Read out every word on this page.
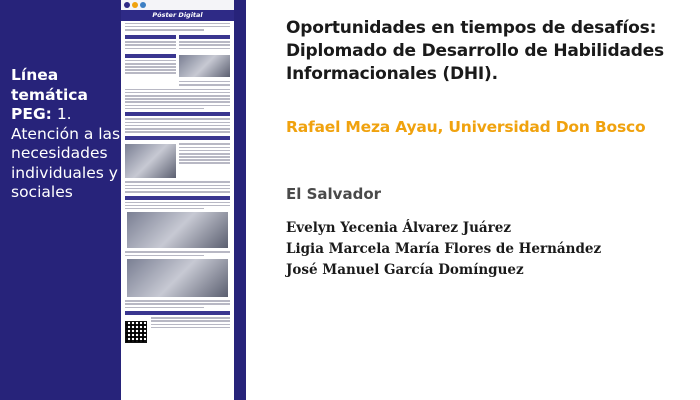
Línea temática PEG: 1. Atención a las necesidades individuales y sociales
Póster Digital
Oportunidades en tiempos de desafíos: Diplomado de Desarrollo de Habilidades Informacionales (DHI).
Rafael Meza Ayau, Universidad Don Bosco
El Salvador
Evelyn Yecenia Álvarez Juárez
Ligia Marcela María Flores de Hernández
José Manuel García Domínguez
